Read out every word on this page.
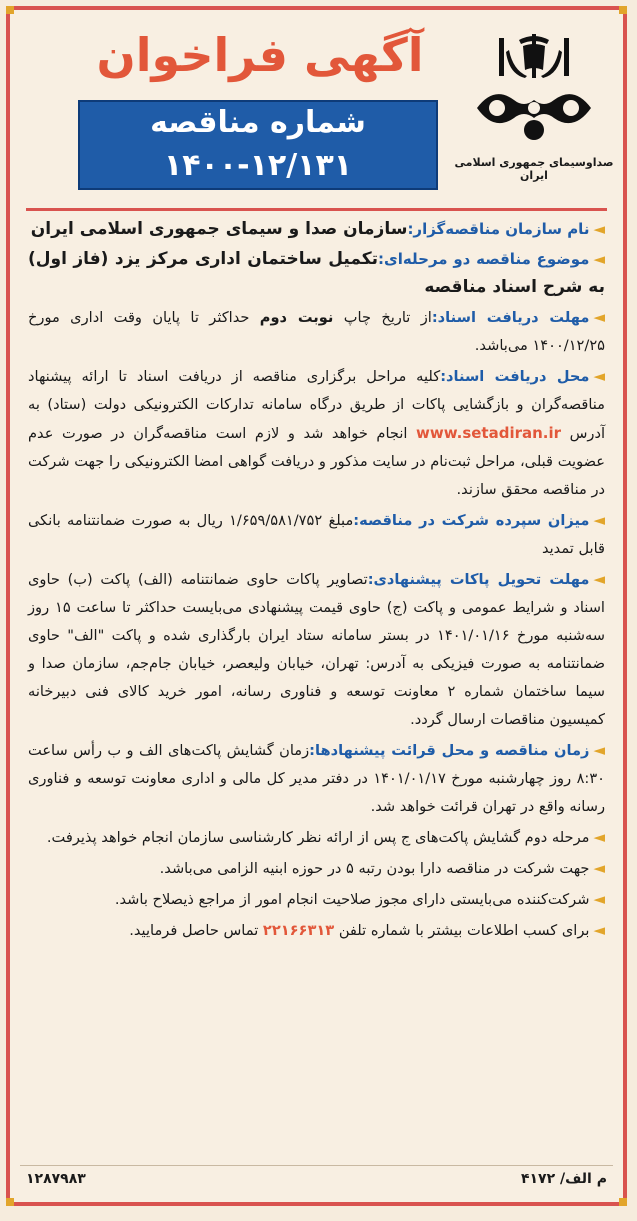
صداوسیمای جمهوری اسلامی ایران
آگهی فراخوان
شماره مناقصه
۱۴۰۰-۱۲/۱۳۱

◄نام سازمان مناقصه‌گزار:سازمان صدا و سیمای جمهوری اسلامی ایران

◄موضوع مناقصه دو مرحله‌ای:تکمیل ساختمان اداری مرکز یزد (فاز اول) به شرح اسناد مناقصه

◄مهلت دریافت اسناد:از تاریخ چاپ نوبت دوم حداکثر تا پایان وقت اداری مورخ ۱۴۰۰/۱۲/۲۵ می‌باشد.

◄محل دریافت اسناد:کلیه مراحل برگزاری مناقصه از دریافت اسناد تا ارائه پیشنهاد مناقصه‌گران و بازگشایی پاکات از طریق درگاه سامانه تدارکات الکترونیکی دولت (ستاد) به آدرس www.setadiran.ir انجام خواهد شد و لازم است مناقصه‌گران در صورت عدم عضویت قبلی، مراحل ثبت‌نام در سایت مذکور و دریافت گواهی امضا الکترونیکی را جهت شرکت در مناقصه محقق سازند.

◄میزان سپرده شرکت در مناقصه:مبلغ ۱/۶۵۹/۵۸۱/۷۵۲ ریال به صورت ضمانتنامه بانکی قابل تمدید

◄مهلت تحویل پاکات پیشنهادی:تصاویر پاکات حاوی ضمانتنامه (الف) پاکت (ب) حاوی اسناد و شرایط عمومی و پاکت (ج) حاوی قیمت پیشنهادی می‌بایست حداکثر تا ساعت ۱۵ روز سه‌شنبه مورخ ۱۴۰۱/۰۱/۱۶ در بستر سامانه ستاد ایران بارگذاری شده و پاکت "الف" حاوی ضمانتنامه به صورت فیزیکی به آدرس: تهران، خیابان ولیعصر، خیابان جام‌جم، سازمان صدا و سیما ساختمان شماره ۲ معاونت توسعه و فناوری رسانه، امور خرید کالای فنی دبیرخانه کمیسیون مناقصات ارسال گردد.

◄زمان مناقصه و محل قرائت پیشنهادها:زمان گشایش پاکت‌های الف و ب رأس ساعت ۸:۳۰ روز چهارشنبه مورخ ۱۴۰۱/۰۱/۱۷ در دفتر مدیر کل مالی و اداری معاونت توسعه و فناوری رسانه واقع در تهران قرائت خواهد شد.

◄مرحله دوم گشایش پاکت‌های ج پس از ارائه نظر کارشناسی سازمان انجام خواهد پذیرفت.

◄جهت شرکت در مناقصه دارا بودن رتبه ۵ در حوزه ابنیه الزامی می‌باشد.

◄شرکت‌کننده می‌بایستی دارای مجوز صلاحیت انجام امور از مراجع ذیصلاح باشد.

◄برای کسب اطلاعات بیشتر با شماره تلفن ۲۲۱۶۶۳۱۳ تماس حاصل فرمایید.

م الف/ ۴۱۷۲
۱۲۸۷۹۸۳
